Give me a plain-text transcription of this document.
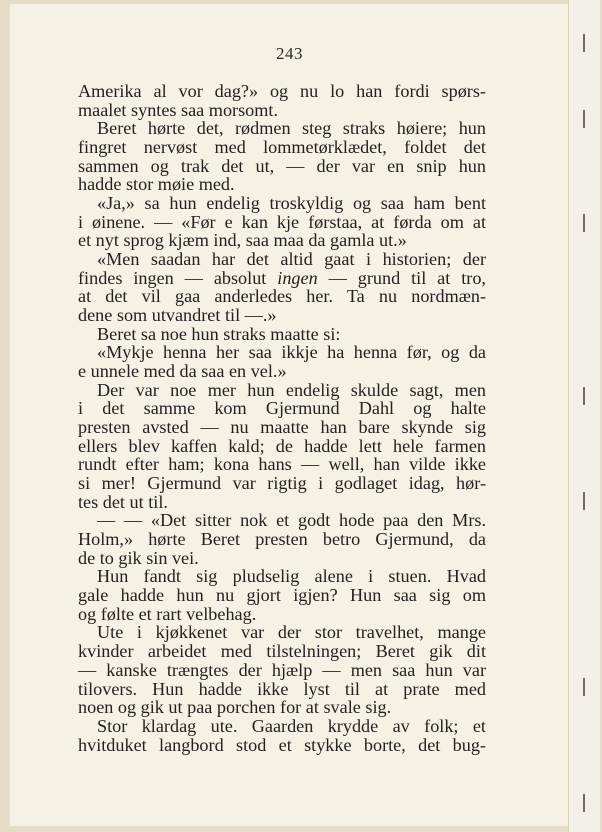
243
Amerika al vor dag?» og nu lo han fordi spørs-
maalet syntes saa morsomt.
Beret hørte det, rødmen steg straks høiere; hun
fingret nervøst med lommetørklædet, foldet det
sammen og trak det ut, — der var en snip hun
hadde stor møie med.
«Ja,» sa hun endelig troskyldig og saa ham bent
i øinene. — «Før e kan kje førstaa, at førda om at
et nyt sprog kjæm ind, saa maa da gamla ut.»
«Men saadan har det altid gaat i historien; der
findes ingen — absolut ingen — grund til at tro,
at det vil gaa anderledes her. Ta nu nordmæn-
dene som utvandret til —.»
Beret sa noe hun straks maatte si:
«Mykje henna her saa ikkje ha henna før, og da
e unnele med da saa en vel.»
Der var noe mer hun endelig skulde sagt, men
i det samme kom Gjermund Dahl og halte
presten avsted — nu maatte han bare skynde sig
ellers blev kaffen kald; de hadde lett hele farmen
rundt efter ham; kona hans — well, han vilde ikke
si mer! Gjermund var rigtig i godlaget idag, hør-
tes det ut til.
— — «Det sitter nok et godt hode paa den Mrs.
Holm,» hørte Beret presten betro Gjermund, da
de to gik sin vei.
Hun fandt sig pludselig alene i stuen. Hvad
gale hadde hun nu gjort igjen? Hun saa sig om
og følte et rart velbehag.
Ute i kjøkkenet var der stor travelhet, mange
kvinder arbeidet med tilstelningen; Beret gik dit
— kanske trængtes der hjælp — men saa hun var
tilovers. Hun hadde ikke lyst til at prate med
noen og gik ut paa porchen for at svale sig.
Stor klardag ute. Gaarden krydde av folk; et
hvitduket langbord stod et stykke borte, det bug-
